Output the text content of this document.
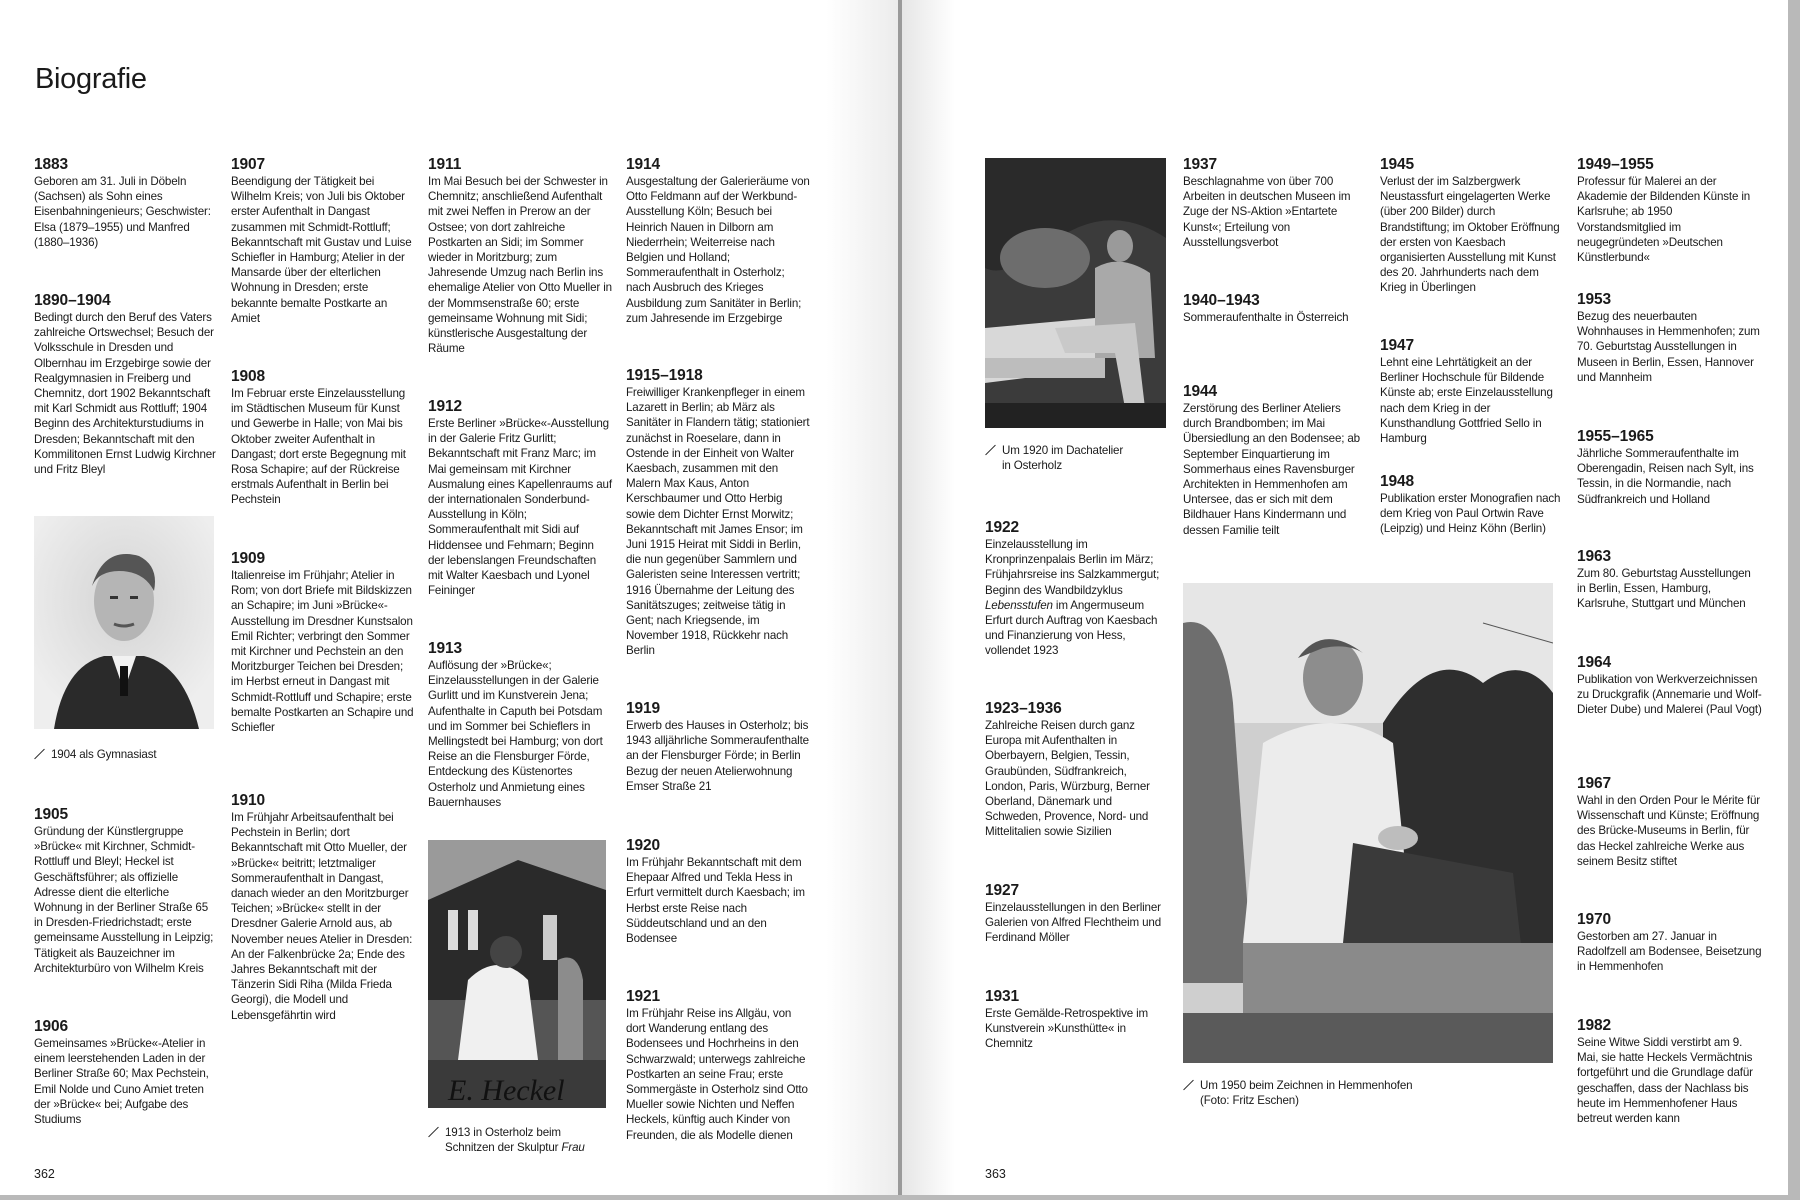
Biografie
1883
Geboren am 31. Juli in Döbeln (Sachsen) als Sohn eines Eisenbahningenieurs; Geschwister: Elsa (1879–1955) und Manfred (1880–1936)
1890–1904
Bedingt durch den Beruf des Vaters zahlreiche Ortswechsel; Besuch der Volksschule in Dresden und Olbernhau im Erzgebirge sowie der Realgymnasien in Freiberg und Chemnitz, dort 1902 Bekanntschaft mit Karl Schmidt aus Rottluff; 1904 Beginn des Architekturstudiums in Dresden; Bekanntschaft mit den Kommilitonen Ernst Ludwig Kirchner und Fritz Bleyl
1904 als Gymnasiast
1905
Gründung der Künstlergruppe »Brücke« mit Kirchner, Schmidt-Rottluff und Bleyl; Heckel ist Geschäftsführer; als offizielle Adresse dient die elterliche Wohnung in der Berliner Straße 65 in Dresden-Friedrichstadt; erste gemeinsame Ausstellung in Leipzig; Tätigkeit als Bauzeichner im Architekturbüro von Wilhelm Kreis
1906
Gemeinsames »Brücke«-Atelier in einem leerstehenden Laden in der Berliner Straße 60; Max Pechstein, Emil Nolde und Cuno Amiet treten der »Brücke« bei; Aufgabe des Studiums
1907
Beendigung der Tätigkeit bei Wilhelm Kreis; von Juli bis Oktober erster Aufenthalt in Dangast zusammen mit Schmidt-Rottluff; Bekanntschaft mit Gustav und Luise Schiefler in Hamburg; Atelier in der Mansarde über der elterlichen Wohnung in Dresden; erste bekannte bemalte Postkarte an Amiet
1908
Im Februar erste Einzelausstellung im Städtischen Museum für Kunst und Gewerbe in Halle; von Mai bis Oktober zweiter Aufenthalt in Dangast; dort erste Begegnung mit Rosa Schapire; auf der Rückreise erstmals Aufenthalt in Berlin bei Pechstein
1909
Italienreise im Frühjahr; Atelier in Rom; von dort Briefe mit Bildskizzen an Schapire; im Juni »Brücke«-Ausstellung im Dresdner Kunstsalon Emil Richter; verbringt den Sommer mit Kirchner und Pechstein an den Moritzburger Teichen bei Dresden; im Herbst erneut in Dangast mit Schmidt-Rottluff und Schapire; erste bemalte Postkarten an Schapire und Schiefler
1910
Im Frühjahr Arbeitsaufenthalt bei Pechstein in Berlin; dort Bekanntschaft mit Otto Mueller, der »Brücke« beitritt; letztmaliger Sommeraufenthalt in Dangast, danach wieder an den Moritzburger Teichen; »Brücke« stellt in der Dresdner Galerie Arnold aus, ab November neues Atelier in Dresden: An der Falkenbrücke 2a; Ende des Jahres Bekanntschaft mit der Tänzerin Sidi Riha (Milda Frieda Georgi), die Modell und Lebensgefährtin wird
1911
Im Mai Besuch bei der Schwester in Chemnitz; anschließend Aufenthalt mit zwei Neffen in Prerow an der Ostsee; von dort zahlreiche Postkarten an Sidi; im Sommer wieder in Moritzburg; zum Jahresende Umzug nach Berlin ins ehemalige Atelier von Otto Mueller in der Mommsenstraße 60; erste gemeinsame Wohnung mit Sidi; künstlerische Ausgestaltung der Räume
1912
Erste Berliner »Brücke«-Ausstellung in der Galerie Fritz Gurlitt; Bekanntschaft mit Franz Marc; im Mai gemeinsam mit Kirchner Ausmalung eines Kapellenraums auf der internationalen Sonderbund-Ausstellung in Köln; Sommeraufenthalt mit Sidi auf Hiddensee und Fehmarn; Beginn der lebenslangen Freundschaften mit Walter Kaesbach und Lyonel Feininger
1913
Auflösung der »Brücke«; Einzelausstellungen in der Galerie Gurlitt und im Kunstverein Jena; Aufenthalte in Caputh bei Potsdam und im Sommer bei Schieflers in Mellingstedt bei Hamburg; von dort Reise an die Flensburger Förde, Entdeckung des Küstenortes Osterholz und Anmietung eines Bauernhauses
E. Heckel
1913 in Osterholz beim
Schnitzen der Skulptur Frau
1914
Ausgestaltung der Galerieräume von Otto Feldmann auf der Werkbund-Ausstellung Köln; Besuch bei Heinrich Nauen in Dilborn am Niederrhein; Weiterreise nach Belgien und Holland; Sommeraufenthalt in Osterholz; nach Ausbruch des Krieges Ausbildung zum Sanitäter in Berlin; zum Jahresende im Erzgebirge
1915–1918
Freiwilliger Krankenpfleger in einem Lazarett in Berlin; ab März als Sanitäter in Flandern tätig; stationiert zunächst in Roeselare, dann in Ostende in der Einheit von Walter Kaesbach, zusammen mit den Malern Max Kaus, Anton Kerschbaumer und Otto Herbig sowie dem Dichter Ernst Morwitz; Bekanntschaft mit James Ensor; im Juni 1915 Heirat mit Siddi in Berlin, die nun gegenüber Sammlern und Galeristen seine Interessen vertritt; 1916 Übernahme der Leitung des Sanitätszuges; zeitweise tätig in Gent; nach Kriegsende, im November 1918, Rückkehr nach Berlin
1919
Erwerb des Hauses in Osterholz; bis 1943 alljährliche Sommeraufenthalte an der Flensburger Förde; in Berlin Bezug der neuen Atelierwohnung Emser Straße 21
1920
Im Frühjahr Bekanntschaft mit dem Ehepaar Alfred und Tekla Hess in Erfurt vermittelt durch Kaesbach; im Herbst erste Reise nach Süddeutschland und an den Bodensee
1921
Im Frühjahr Reise ins Allgäu, von dort Wanderung entlang des Bodensees und Hochrheins in den Schwarzwald; unterwegs zahlreiche Postkarten an seine Frau; erste Sommergäste in Osterholz sind Otto Mueller sowie Nichten und Neffen Heckels, künftig auch Kinder von Freunden, die als Modelle dienen
362
Um 1920 im Dachatelier
in Osterholz
1922
Einzelausstellung im Kronprinzenpalais Berlin im März; Frühjahrsreise ins Salzkammergut; Beginn des Wandbildzyklus Lebensstufen im Angermuseum Erfurt durch Auftrag von Kaesbach und Finanzierung von Hess, vollendet 1923
1923–1936
Zahlreiche Reisen durch ganz Europa mit Aufenthalten in Oberbayern, Belgien, Tessin, Graubünden, Südfrankreich, London, Paris, Würzburg, Berner Oberland, Dänemark und Schweden, Provence, Nord- und Mittelitalien sowie Sizilien
1927
Einzelausstellungen in den Berliner Galerien von Alfred Flechtheim und Ferdinand Möller
1931
Erste Gemälde-Retrospektive im Kunstverein »Kunsthütte« in Chemnitz
1937
Beschlagnahme von über 700 Arbeiten in deutschen Museen im Zuge der NS-Aktion »Entartete Kunst«; Erteilung von Ausstellungsverbot
1940–1943
Sommeraufenthalte in Österreich
1944
Zerstörung des Berliner Ateliers durch Brandbomben; im Mai Übersiedlung an den Bodensee; ab September Einquartierung im Sommerhaus eines Ravensburger Architekten in Hemmenhofen am Untersee, das er sich mit dem Bildhauer Hans Kindermann und dessen Familie teilt
Um 1950 beim Zeichnen in Hemmenhofen
(Foto: Fritz Eschen)
1945
Verlust der im Salzbergwerk Neustassfurt eingelagerten Werke (über 200 Bilder) durch Brandstiftung; im Oktober Eröffnung der ersten von Kaesbach organisierten Ausstellung mit Kunst des 20. Jahrhunderts nach dem Krieg in Überlingen
1947
Lehnt eine Lehrtätigkeit an der Berliner Hochschule für Bildende Künste ab; erste Einzelausstellung nach dem Krieg in der Kunsthandlung Gottfried Sello in Hamburg
1948
Publikation erster Monografien nach dem Krieg von Paul Ortwin Rave (Leipzig) und Heinz Köhn (Berlin)
1949–1955
Professur für Malerei an der Akademie der Bildenden Künste in Karlsruhe; ab 1950 Vorstandsmitglied im neugegründeten »Deutschen Künstlerbund«
1953
Bezug des neuerbauten Wohnhauses in Hemmenhofen; zum 70. Geburtstag Ausstellungen in Museen in Berlin, Essen, Hannover und Mannheim
1955–1965
Jährliche Sommeraufenthalte im Oberengadin, Reisen nach Sylt, ins Tessin, in die Normandie, nach Südfrankreich und Holland
1963
Zum 80. Geburtstag Ausstellungen in Berlin, Essen, Hamburg, Karlsruhe, Stuttgart und München
1964
Publikation von Werkverzeichnissen zu Druckgrafik (Annemarie und Wolf-Dieter Dube) und Malerei (Paul Vogt)
1967
Wahl in den Orden Pour le Mérite für Wissenschaft und Künste; Eröffnung des Brücke-Museums in Berlin, für das Heckel zahlreiche Werke aus seinem Besitz stiftet
1970
Gestorben am 27. Januar in Radolfzell am Bodensee, Beisetzung in Hemmenhofen
1982
Seine Witwe Siddi verstirbt am 9. Mai, sie hatte Heckels Vermächtnis fortgeführt und die Grundlage dafür geschaffen, dass der Nachlass bis heute im Hemmenhofener Haus betreut werden kann
363
